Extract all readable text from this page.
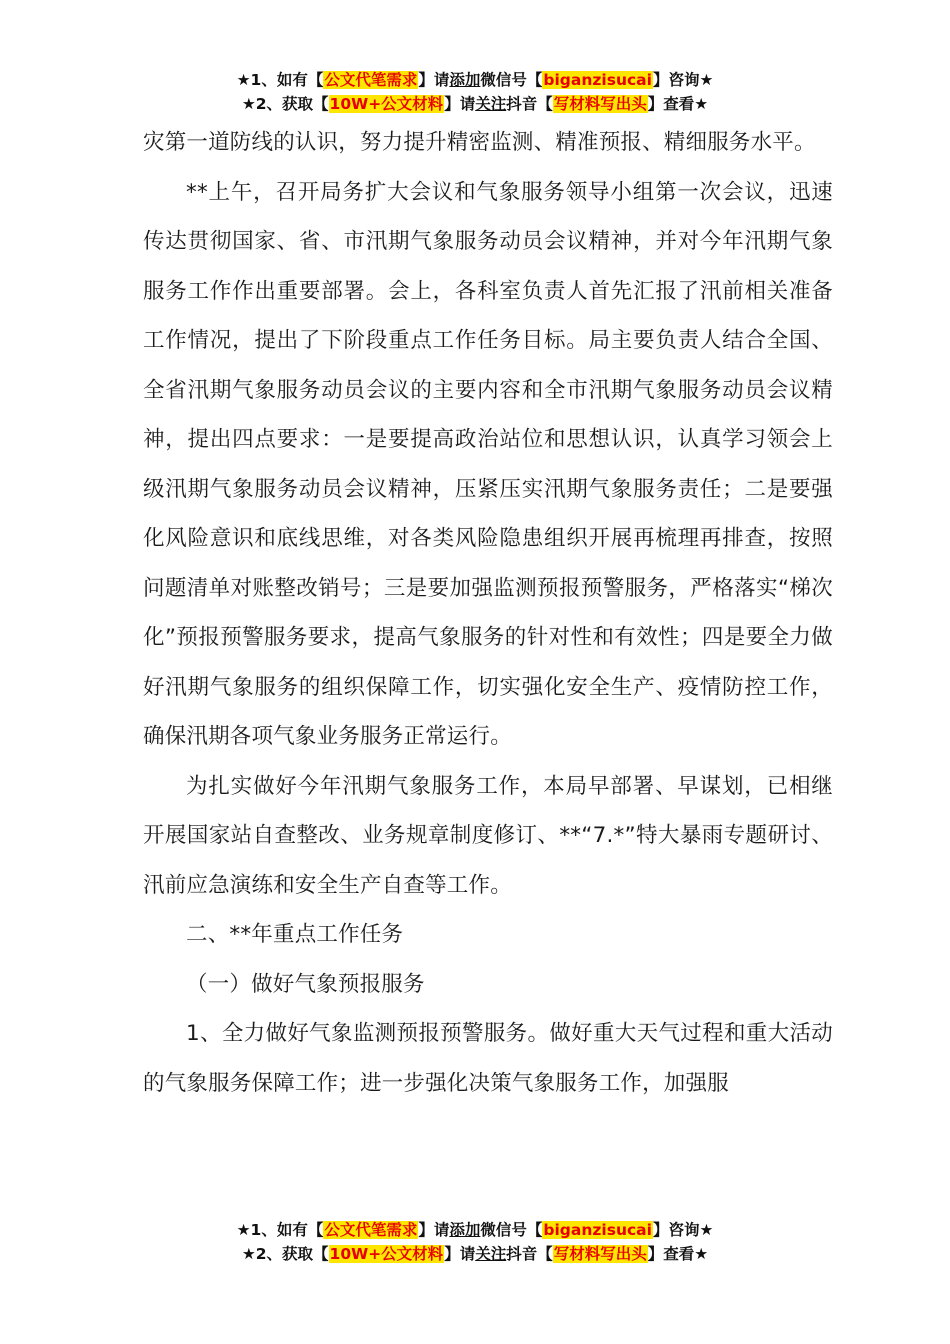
★1、如有【公文代笔需求】请添加微信号【biganzisucai】咨询★
★2、获取【10W+公文材料】请关注抖音【写材料写出头】查看★

灾第一道防线的认识，努力提升精密监测、精准预报、精细服务水平。

**上午，召开局务扩大会议和气象服务领导小组第一次会议，迅速传达贯彻国家、省、市汛期气象服务动员会议精神，并对今年汛期气象服务工作作出重要部署。会上，各科室负责人首先汇报了汛前相关准备工作情况，提出了下阶段重点工作任务目标。局主要负责人结合全国、全省汛期气象服务动员会议的主要内容和全市汛期气象服务动员会议精神，提出四点要求：一是要提高政治站位和思想认识，认真学习领会上级汛期气象服务动员会议精神，压紧压实汛期气象服务责任；二是要强化风险意识和底线思维，对各类风险隐患组织开展再梳理再排查，按照问题清单对账整改销号；三是要加强监测预报预警服务，严格落实“梯次化”预报预警服务要求，提高气象服务的针对性和有效性；四是要全力做好汛期气象服务的组织保障工作，切实强化安全生产、疫情防控工作，确保汛期各项气象业务服务正常运行。

为扎实做好今年汛期气象服务工作，本局早部署、早谋划，已相继开展国家站自查整改、业务规章制度修订、**“7.*”特大暴雨专题研讨、汛前应急演练和安全生产自查等工作。

二、**年重点工作任务

（一）做好气象预报服务

1、全力做好气象监测预报预警服务。做好重大天气过程和重大活动的气象服务保障工作；进一步强化决策气象服务工作，加强服

★1、如有【公文代笔需求】请添加微信号【biganzisucai】咨询★
★2、获取【10W+公文材料】请关注抖音【写材料写出头】查看★
